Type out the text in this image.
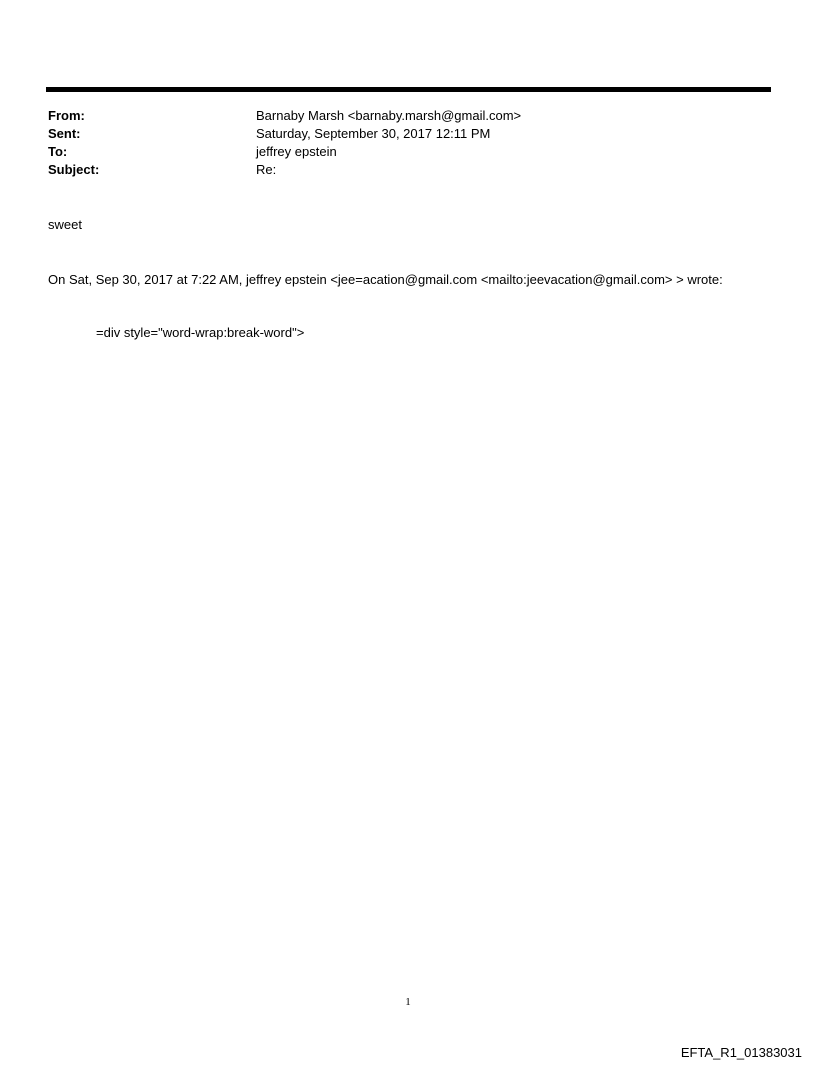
From:	Barnaby Marsh <barnaby.marsh@gmail.com>
Sent:	Saturday, September 30, 2017 12:11 PM
To:	jeffrey epstein
Subject:	Re:
sweet
On Sat, Sep 30, 2017 at 7:22 AM, jeffrey epstein <jee=acation@gmail.com <mailto:jeevacation@gmail.com> > wrote:
=div style="word-wrap:break-word">
1
EFTA_R1_01383031
